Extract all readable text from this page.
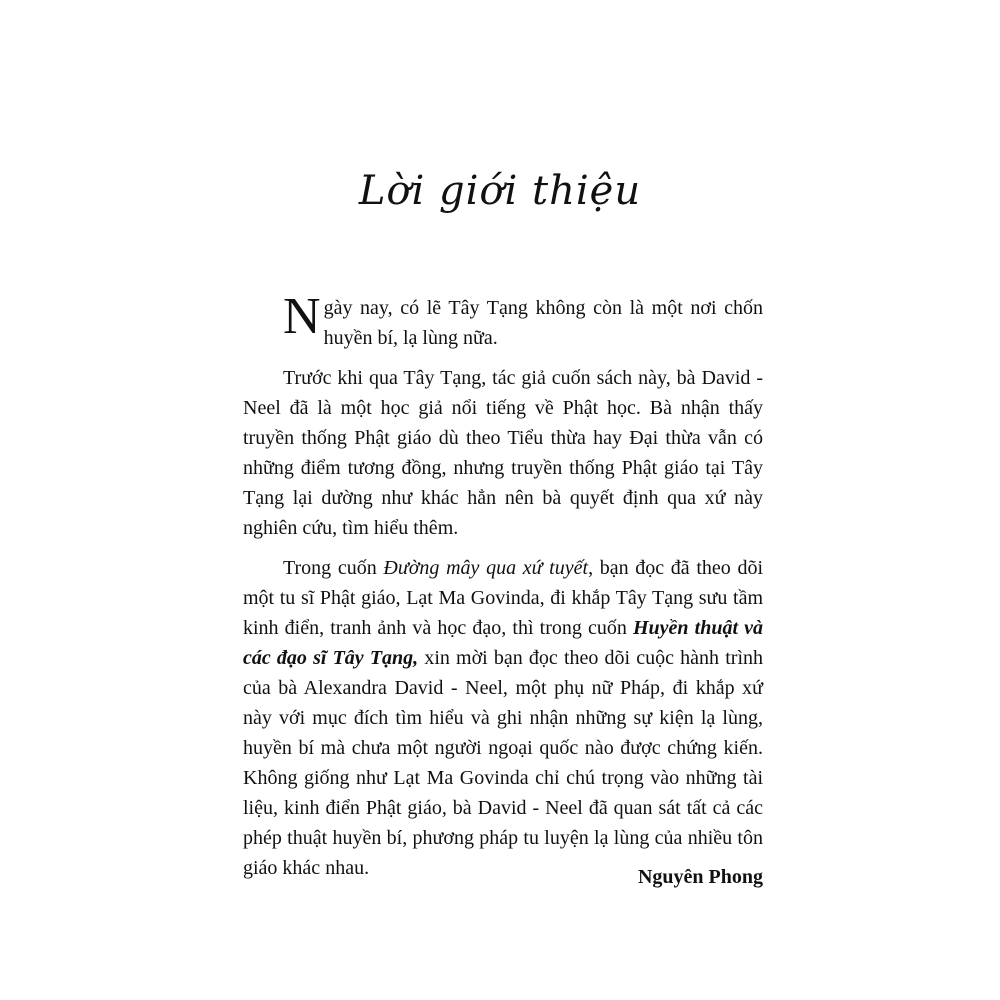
Lời giới thiệu

Ngày nay, có lẽ Tây Tạng không còn là một nơi chốn huyền bí, lạ lùng nữa.

Trước khi qua Tây Tạng, tác giả cuốn sách này, bà David - Neel đã là một học giả nổi tiếng về Phật học. Bà nhận thấy truyền thống Phật giáo dù theo Tiểu thừa hay Đại thừa vẫn có những điểm tương đồng, nhưng truyền thống Phật giáo tại Tây Tạng lại dường như khác hẳn nên bà quyết định qua xứ này nghiên cứu, tìm hiểu thêm.

Trong cuốn Đường mây qua xứ tuyết, bạn đọc đã theo dõi một tu sĩ Phật giáo, Lạt Ma Govinda, đi khắp Tây Tạng sưu tầm kinh điển, tranh ảnh và học đạo, thì trong cuốn Huyền thuật và các đạo sĩ Tây Tạng, xin mời bạn đọc theo dõi cuộc hành trình của bà Alexandra David - Neel, một phụ nữ Pháp, đi khắp xứ này với mục đích tìm hiểu và ghi nhận những sự kiện lạ lùng, huyền bí mà chưa một người ngoại quốc nào được chứng kiến. Không giống như Lạt Ma Govinda chỉ chú trọng vào những tài liệu, kinh điển Phật giáo, bà David - Neel đã quan sát tất cả các phép thuật huyền bí, phương pháp tu luyện lạ lùng của nhiều tôn giáo khác nhau.	Nguyên Phong
